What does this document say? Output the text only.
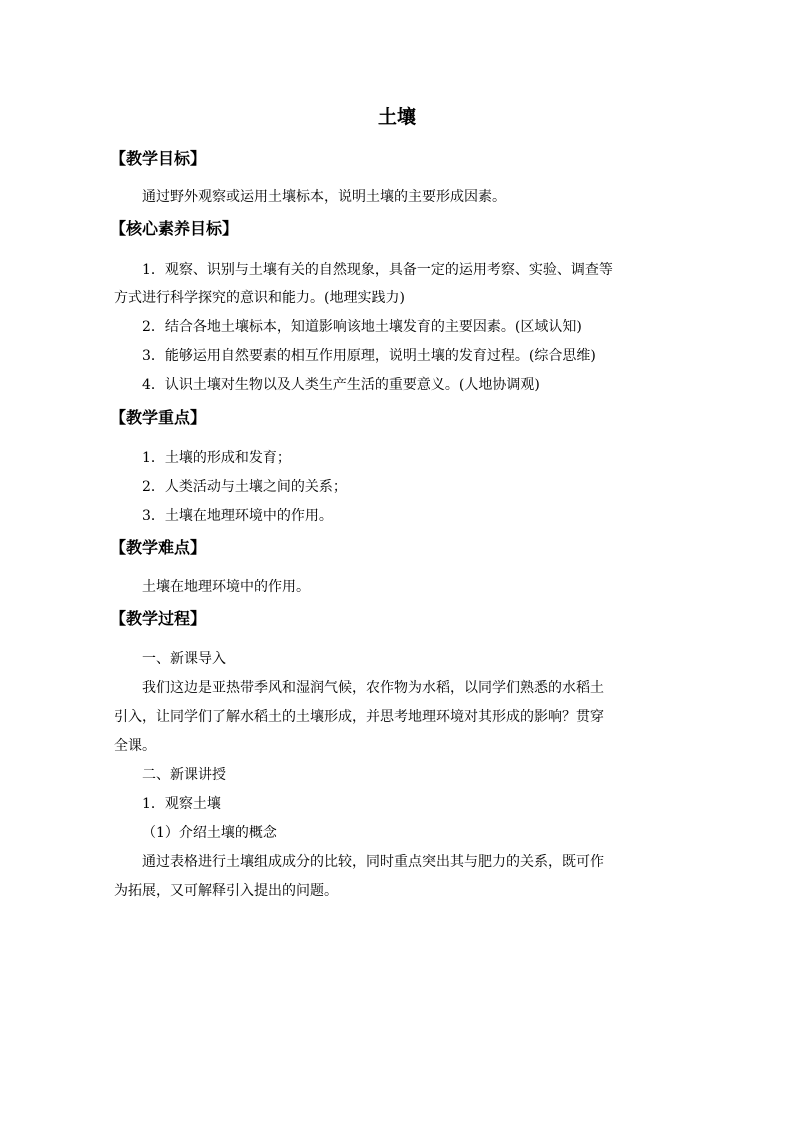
土壤
【教学目标】
通过野外观察或运用土壤标本，说明土壤的主要形成因素。
【核心素养目标】
1．观察、识别与土壤有关的自然现象，具备一定的运用考察、实验、调查等
方式进行科学探究的意识和能力。(地理实践力)
2．结合各地土壤标本，知道影响该地土壤发育的主要因素。(区域认知)
3．能够运用自然要素的相互作用原理，说明土壤的发育过程。(综合思维)
4．认识土壤对生物以及人类生产生活的重要意义。(人地协调观)
【教学重点】
1．土壤的形成和发育；
2．人类活动与土壤之间的关系；
3．土壤在地理环境中的作用。
【教学难点】
土壤在地理环境中的作用。
【教学过程】
一、新课导入
我们这边是亚热带季风和湿润气候，农作物为水稻，以同学们熟悉的水稻土
引入，让同学们了解水稻土的土壤形成，并思考地理环境对其形成的影响？贯穿
全课。
二、新课讲授
1．观察土壤
（1）介绍土壤的概念
通过表格进行土壤组成成分的比较，同时重点突出其与肥力的关系，既可作
为拓展，又可解释引入提出的问题。
